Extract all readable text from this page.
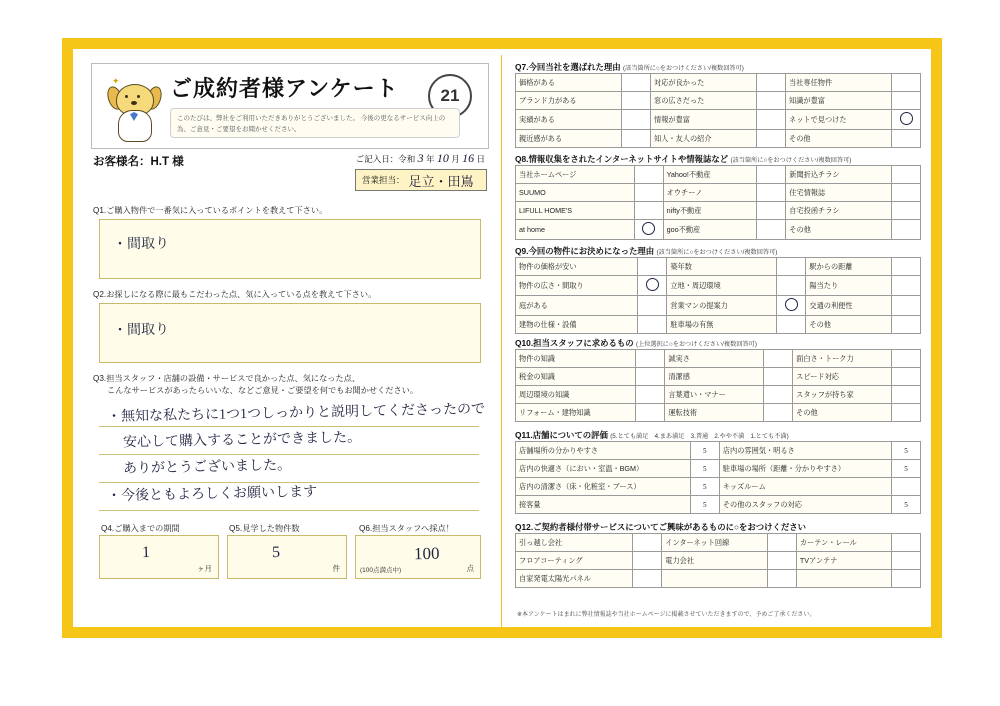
✦ ご成約者様アンケート	21
このたびは、弊社をご利用いただきありがとうございました。 今後の更なるサービス向上の為、ご意見・ご要望をお聞かせください。
お客様名：H.T 様	ご記入日：令和 3 年 10 月 16 日
営業担当： 足立・田嶌
Q1.ご購入物件で一番気に入っているポイントを教えて下さい。
・間取り
Q2.お探しになる際に最もこだわった点、気に入っている点を教えて下さい。
・間取り
Q3.担当スタッフ・店舗の設備・サービスで良かった点、気になった点、
こんなサービスがあったらいいな、などご意見・ご要望を何でもお聞かせください。
・無知な私たちに1つ1つしっかりと説明してくださったので
安心して購入することができました。
ありがとうございました。
・今後ともよろしくお願いします
Q4.ご購入までの期間
1
ヶ月
Q5.見学した物件数
5
件
Q6.担当スタッフへ採点！
(100点満点中)
100
点
Q7.今回当社を選ばれた理由 (該当箇所に○をおつけください/複数回答可)
価格がある		対応が良かった		当社専任物件	
ブランド力がある		窓の広さだった		知識が豊富	
実績がある		情報が豊富		ネットで見つけた	
親近感がある		知人・友人の紹介		その他	
Q8.情報収集をされたインターネットサイトや情報誌など (該当箇所に○をおつけください/複数回答可)
当社ホームページ		Yahoo!不動産		新聞折込チラシ	
SUUMO		オウチーノ		住宅情報誌	
LIFULL HOME'S		nifty不動産		自宅投函チラシ	
at home		goo不動産		その他	
Q9.今回の物件にお決めになった理由 (該当箇所に○をおつけください/複数回答可)
物件の価格が安い		築年数		駅からの距離	
物件の広さ・間取り		立地・周辺環境		陽当たり	
庭がある		営業マンの提案力		交通の利便性	
建物の仕様・設備		駐車場の有無		その他	
Q10.担当スタッフに求めるもの (上位選択に○をおつけください/複数回答可)
物件の知識		誠実さ		面白さ・トーク力	
税金の知識		清潔感		スピード対応	
周辺環境の知識		言葉遣い・マナー		スタッフが持ち家	
リフォーム・建物知識		運転技術		その他	
Q11.店舗についての評価 (5.とても満足　4.まあ満足　3.普通　2.やや不満　1.とても不満)
店舗場所の分かりやすさ	5	店内の雰囲気・明るさ	5
店内の快適さ（におい・室温・BGM）	5	駐車場の場所（距離・分かりやすさ）	5
店内の清潔さ（床・化粧室・ブース）	5	キッズルーム	
接客量	5	その他のスタッフの対応	5
Q12.ご契約者様付帯サービスについてご興味があるものに○をおつけください
引っ越し会社		インターネット回線		カーテン・レール	
フロアコーティング		電力会社		TVアンテナ	
自家発電太陽光パネル					
※本アンケートはまれに弊社情報誌や当社ホームページに掲載させていただきますので、予めご了承ください。
